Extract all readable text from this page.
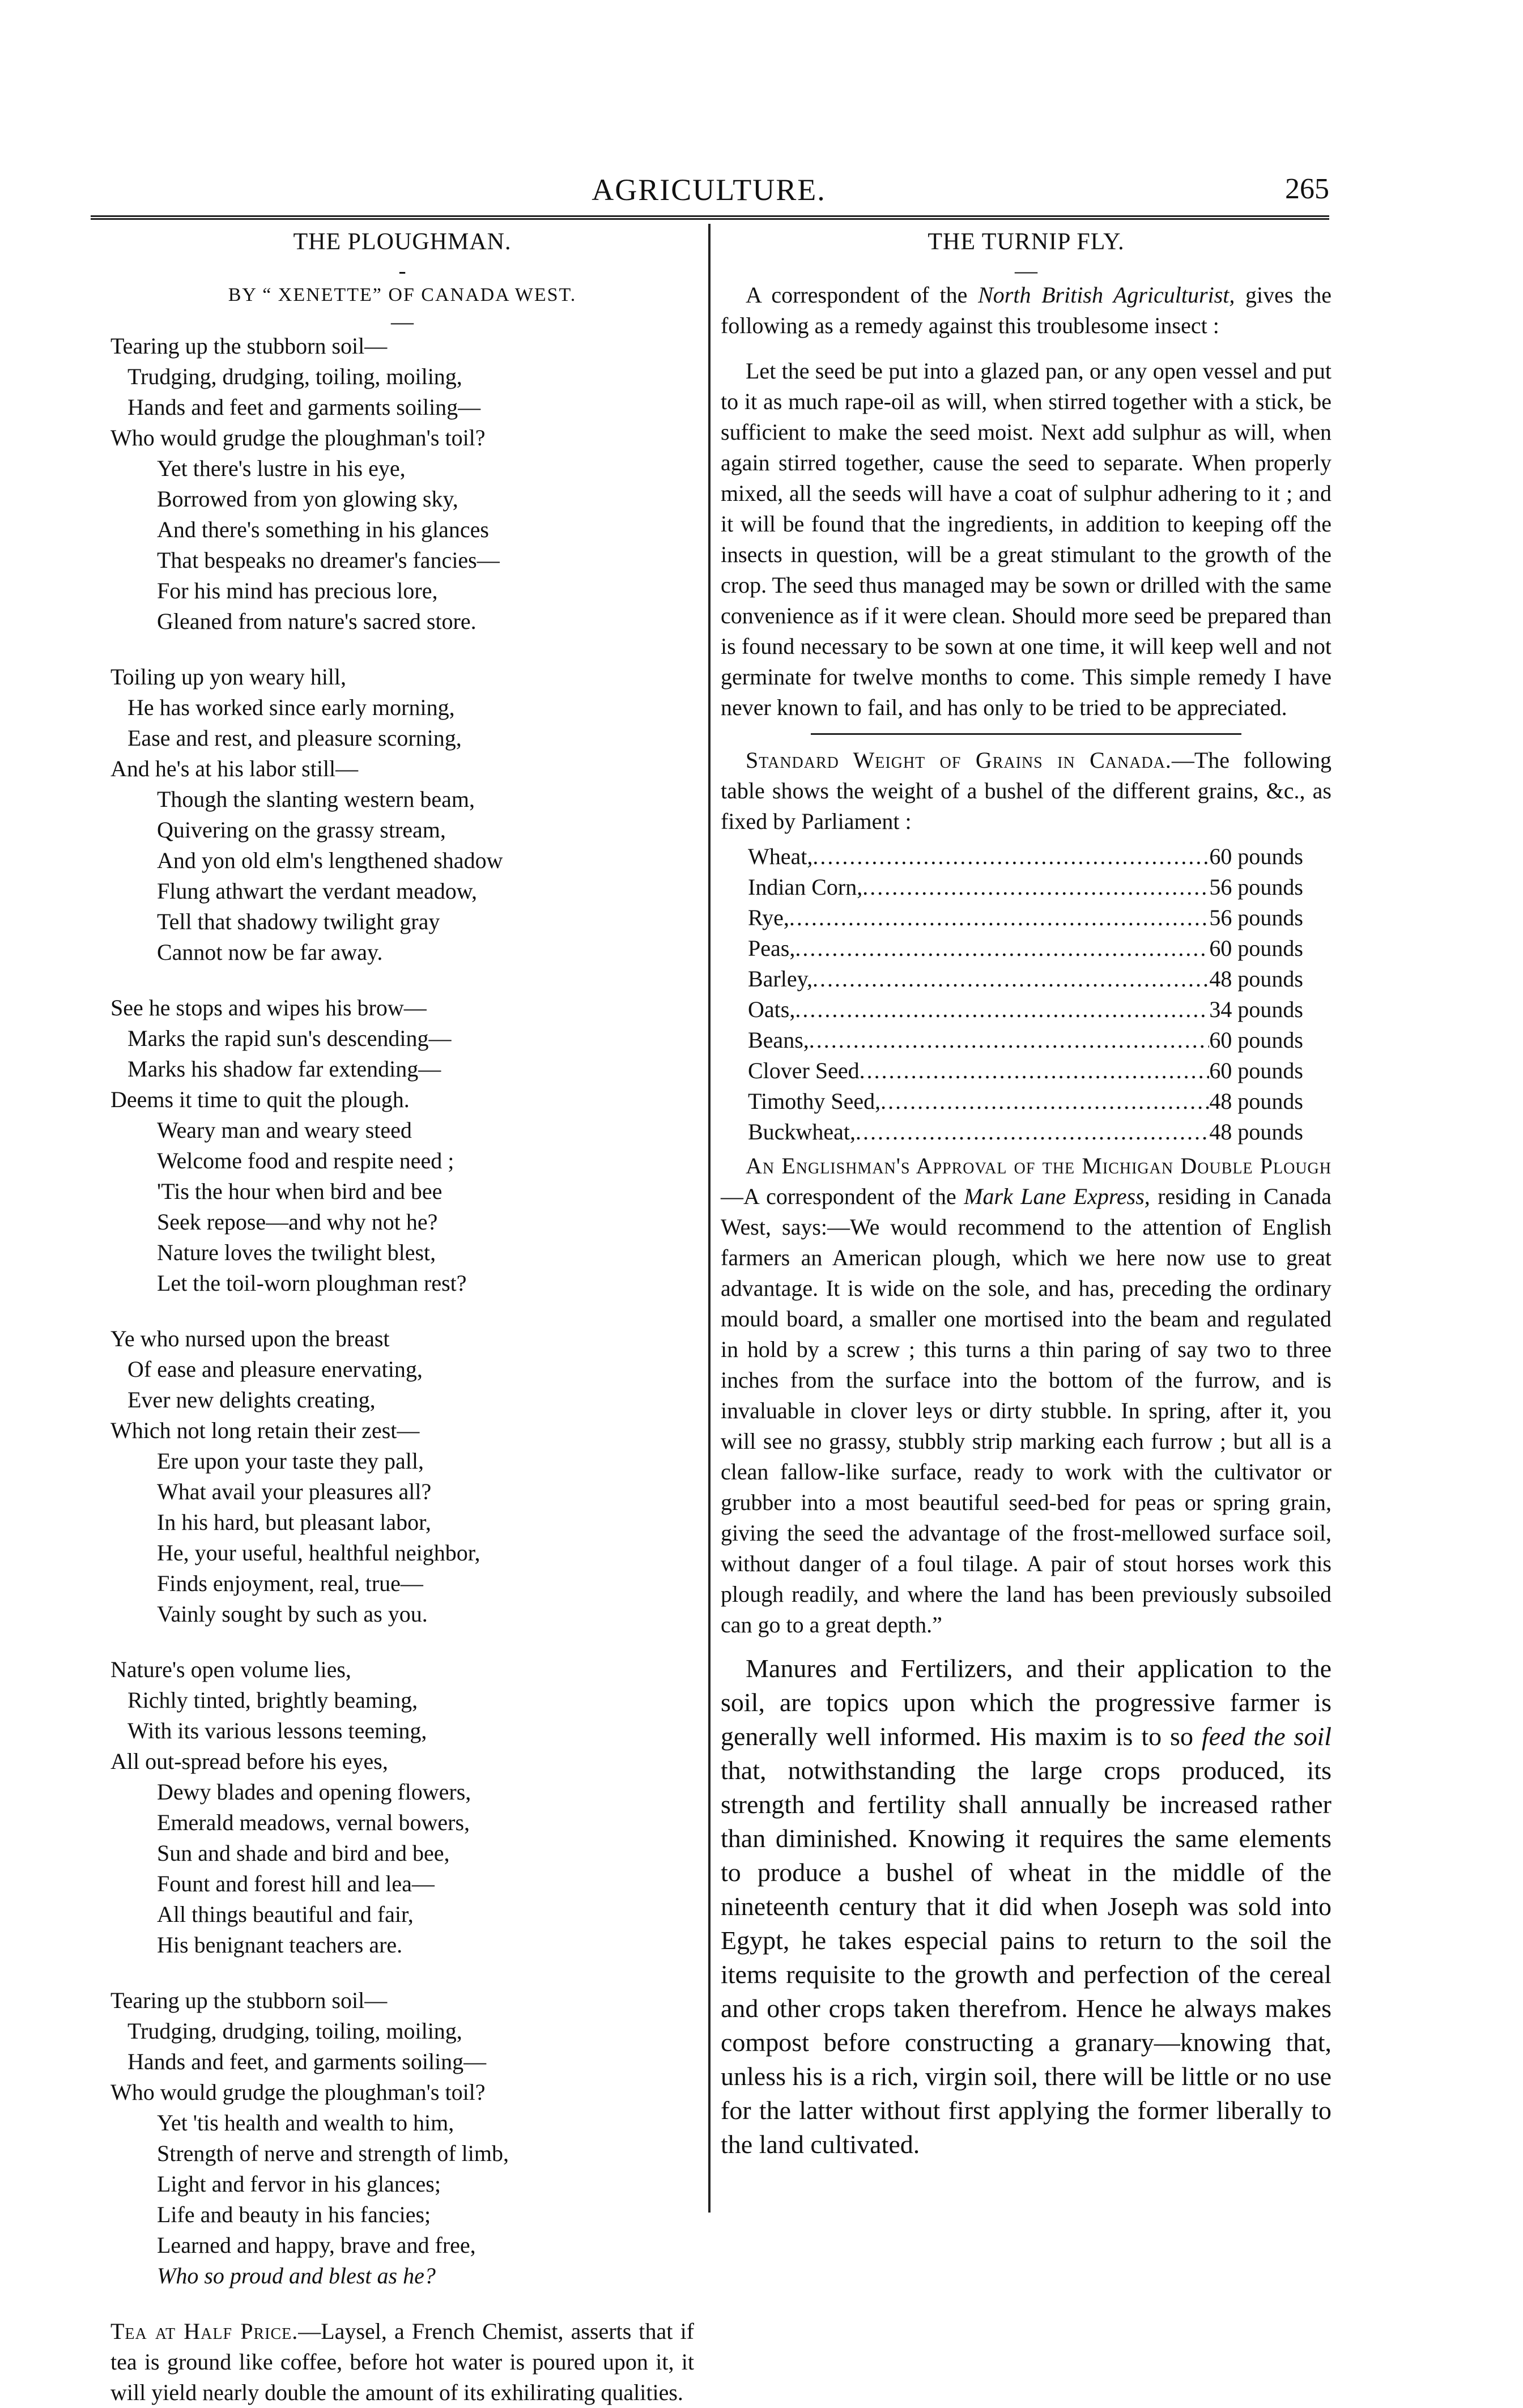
AGRICULTURE.	265
THE PLOUGHMAN.
-
BY “ XENETTE” OF CANADA WEST.
—
Tearing up the stubborn soil—
Trudging, drudging, toiling, moiling,
Hands and feet and garments soiling—
Who would grudge the ploughman's toil?
Yet there's lustre in his eye,
Borrowed from yon glowing sky,
And there's something in his glances
That bespeaks no dreamer's fancies—
For his mind has precious lore,
Gleaned from nature's sacred store.
Toiling up yon weary hill,
He has worked since early morning,
Ease and rest, and pleasure scorning,
And he's at his labor still—
Though the slanting western beam,
Quivering on the grassy stream,
And yon old elm's lengthened shadow
Flung athwart the verdant meadow,
Tell that shadowy twilight gray
Cannot now be far away.
See he stops and wipes his brow—
Marks the rapid sun's descending—
Marks his shadow far extending—
Deems it time to quit the plough.
Weary man and weary steed
Welcome food and respite need ;
'Tis the hour when bird and bee
Seek repose—and why not he?
Nature loves the twilight blest,
Let the toil-worn ploughman rest?
Ye who nursed upon the breast
Of ease and pleasure enervating,
Ever new delights creating,
Which not long retain their zest—
Ere upon your taste they pall,
What avail your pleasures all?
In his hard, but pleasant labor,
He, your useful, healthful neighbor,
Finds enjoyment, real, true—
Vainly sought by such as you.
Nature's open volume lies,
Richly tinted, brightly beaming,
With its various lessons teeming,
All out-spread before his eyes,
Dewy blades and opening flowers,
Emerald meadows, vernal bowers,
Sun and shade and bird and bee,
Fount and forest hill and lea—
All things beautiful and fair,
His benignant teachers are.
Tearing up the stubborn soil—
Trudging, drudging, toiling, moiling,
Hands and feet, and garments soiling—
Who would grudge the ploughman's toil?
Yet 'tis health and wealth to him,
Strength of nerve and strength of limb,
Light and fervor in his glances;
Life and beauty in his fancies;
Learned and happy, brave and free,
Who so proud and blest as he?

Tea at Half Price.—Laysel, a French Chemist, asserts that if tea is ground like coffee, before hot water is poured upon it, it will yield nearly double the amount of its exhilirating qualities.

THE TURNIP FLY.
—

A correspondent of the North British Agriculturist, gives the following as a remedy against this troublesome insect :

Let the seed be put into a glazed pan, or any open vessel and put to it as much rape-oil as will, when stirred together with a stick, be sufficient to make the seed moist. Next add sulphur as will, when again stirred together, cause the seed to separate. When properly mixed, all the seeds will have a coat of sulphur adhering to it ; and it will be found that the ingredients, in addition to keeping off the insects in question, will be a great stimulant to the growth of the crop. The seed thus managed may be sown or drilled with the same convenience as if it were clean. Should more seed be prepared than is found necessary to be sown at one time, it will keep well and not germinate for twelve months to come. This simple remedy I have never known to fail, and has only to be tried to be appreciated.

Standard Weight of Grains in Canada.—The following table shows the weight of a bushel of the different grains, &c., as fixed by Parliament :

Wheat, .....	60 pounds
Indian Corn, .....	56 pounds
Rye, .....	56 pounds
Peas, .....	60 pounds
Barley, .....	48 pounds
Oats, .....	34 pounds
Beans, .....	60 pounds
Clover Seed .....	60 pounds
Timothy Seed, .....	48 pounds
Buckwheat, .....	48 pounds

An Englishman's Approval of the Michigan Double Plough—A correspondent of the Mark Lane Express, residing in Canada West, says:—We would recommend to the attention of English farmers an American plough, which we here now use to great advantage. It is wide on the sole, and has, preceding the ordinary mould board, a smaller one mortised into the beam and regulated in hold by a screw ; this turns a thin paring of say two to three inches from the surface into the bottom of the furrow, and is invaluable in clover leys or dirty stubble. In spring, after it, you will see no grassy, stubbly strip marking each furrow ; but all is a clean fallow-like surface, ready to work with the cultivator or grubber into a most beautiful seed-bed for peas or spring grain, giving the seed the advantage of the frost-mellowed surface soil, without danger of a foul tilage. A pair of stout horses work this plough readily, and where the land has been previously subsoiled can go to a great depth.”

Manures and Fertilizers, and their application to the soil, are topics upon which the progressive farmer is generally well informed. His maxim is to so feed the soil that, notwithstanding the large crops produced, its strength and fertility shall annually be increased rather than diminished. Knowing it requires the same elements to produce a bushel of wheat in the middle of the nineteenth century that it did when Joseph was sold into Egypt, he takes especial pains to return to the soil the items requisite to the growth and perfection of the cereal and other crops taken therefrom. Hence he always makes compost before constructing a granary—knowing that, unless his is a rich, virgin soil, there will be little or no use for the latter without first applying the former liberally to the land cultivated.
